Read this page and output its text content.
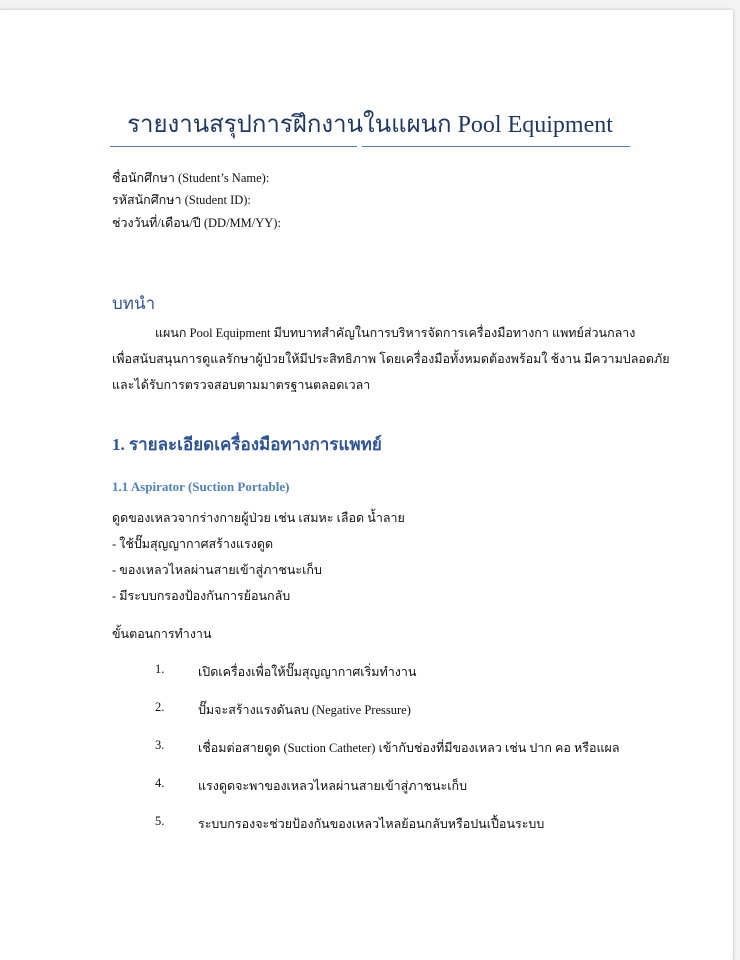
รายงานสรุปการฝึกงานในแผนก Pool Equipment
ชื่อนักศึกษา (Student’s Name):
รหัสนักศึกษา (Student ID):
ช่วงวันที่/เดือน/ปี (DD/MM/YY):
บทนำ
แผนก Pool Equipment มีบทบาทสำคัญในการบริหารจัดการเครื่องมือทางกา แพทย์ส่วนกลาง
เพื่อสนับสนุนการดูแลรักษาผู้ป่วยให้มีประสิทธิภาพ โดยเครื่องมือทั้งหมดต้องพร้อมใ ช้งาน มีความปลอดภัย
และได้รับการตรวจสอบตามมาตรฐานตลอดเวลา
1. รายละเอียดเครื่องมือทางการแพทย์
1.1 Aspirator (Suction Portable)
ดูดของเหลวจากร่างกายผู้ป่วย เช่น เสมหะ เลือด น้ำลาย
- ใช้ปั๊มสุญญากาศสร้างแรงดูด
- ของเหลวไหลผ่านสายเข้าสู่ภาชนะเก็บ
- มีระบบกรองป้องกันการย้อนกลับ
ขั้นตอนการทำงาน
1.	เปิดเครื่องเพื่อให้ปั๊มสุญญากาศเริ่มทำงาน
2.	ปั๊มจะสร้างแรงดันลบ (Negative Pressure)
3.	เชื่อมต่อสายดูด (Suction Catheter) เข้ากับช่องที่มีของเหลว เช่น ปาก คอ หรือแผล
4.	แรงดูดจะพาของเหลวไหลผ่านสายเข้าสู่ภาชนะเก็บ
5.	ระบบกรองจะช่วยป้องกันของเหลวไหลย้อนกลับหรือปนเปื้อนระบบ
